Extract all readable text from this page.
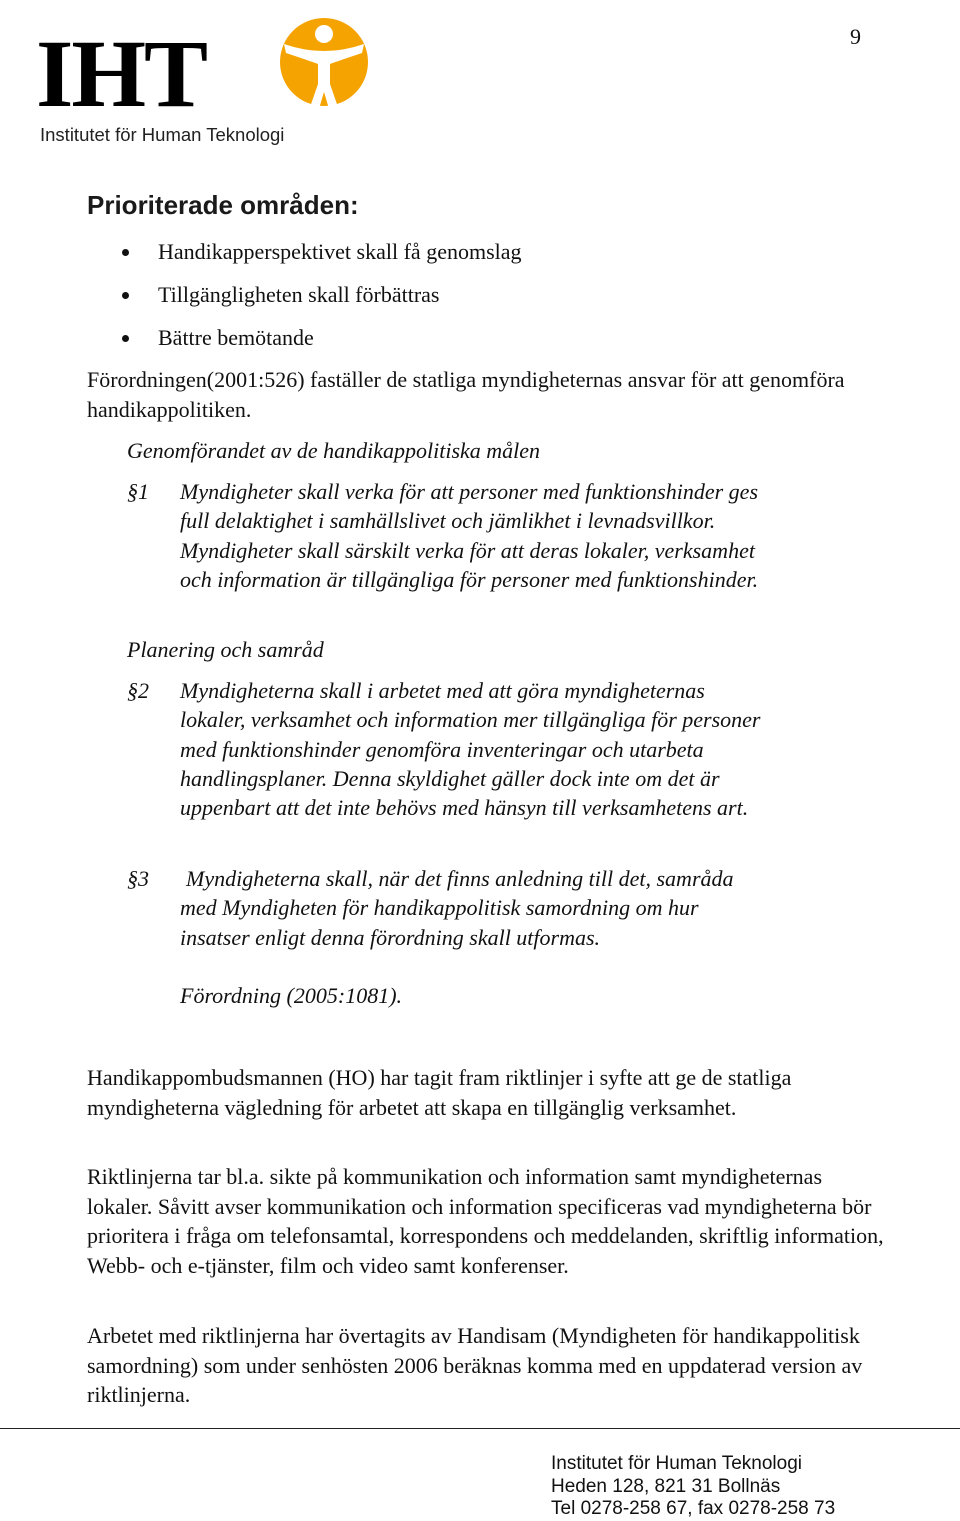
9
IHT
Institutet för Human Teknologi
Prioriterade områden:
Handikapperspektivet skall få genomslag
Tillgängligheten skall förbättras
Bättre bemötande

Förordningen(2001:526) faställer de statliga myndigheternas ansvar för att genomföra handikappolitiken.

Genomförandet av de handikappolitiska målen
§1 Myndigheter skall verka för att personer med funktionshinder ges full delaktighet i samhällslivet och jämlikhet i levnadsvillkor. Myndigheter skall särskilt verka för att deras lokaler, verksamhet och information är tillgängliga för personer med funktionshinder.

Planering och samråd
§2 Myndigheterna skall i arbetet med att göra myndigheternas lokaler, verksamhet och information mer tillgängliga för personer med funktionshinder genomföra inventeringar och utarbeta handlingsplaner. Denna skyldighet gäller dock inte om det är uppenbart att det inte behövs med hänsyn till verksamhetens art.

§3 Myndigheterna skall, när det finns anledning till det, samråda med Myndigheten för handikappolitisk samordning om hur insatser enligt denna förordning skall utformas.

Förordning (2005:1081).

Handikappombudsmannen (HO) har tagit fram riktlinjer i syfte att ge de statliga myndigheterna vägledning för arbetet att skapa en tillgänglig verksamhet.

Riktlinjerna tar bl.a. sikte på kommunikation och information samt myndigheternas lokaler. Såvitt avser kommunikation och information specificeras vad myndigheterna bör prioritera i fråga om telefonsamtal, korrespondens och meddelanden, skriftlig information, Webb- och e-tjänster, film och video samt konferenser.

Arbetet med riktlinjerna har övertagits av Handisam (Myndigheten för handikappolitisk samordning) som under senhösten 2006 beräknas komma med en uppdaterad version av riktlinjerna.

Institutet för Human Teknologi
Heden 128, 821 31 Bollnäs
Tel 0278-258 67, fax 0278-258 73
